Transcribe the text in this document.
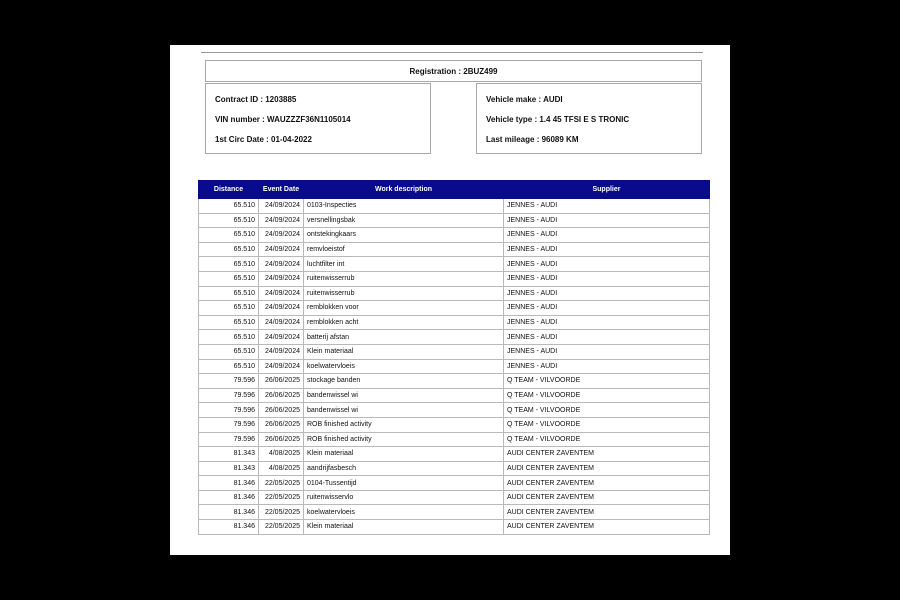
Registration : 2BUZ499
Contract ID : 1203885
VIN number : WAUZZZF36N1105014
1st Circ Date : 01-04-2022
Vehicle make : AUDI
Vehicle type : 1.4 45 TFSI E S TRONIC
Last mileage : 96089 KM
Distance	Event Date	Work description	Supplier
65.510	24/09/2024	0103-Inspecties	JENNES - AUDI
65.510	24/09/2024	versnellingsbak	JENNES - AUDI
65.510	24/09/2024	ontstekingkaars	JENNES - AUDI
65.510	24/09/2024	remvloeistof	JENNES - AUDI
65.510	24/09/2024	luchtfilter int	JENNES - AUDI
65.510	24/09/2024	ruitenwisserrub	JENNES - AUDI
65.510	24/09/2024	ruitenwisserrub	JENNES - AUDI
65.510	24/09/2024	remblokken voor	JENNES - AUDI
65.510	24/09/2024	remblokken acht	JENNES - AUDI
65.510	24/09/2024	batterij afstan	JENNES - AUDI
65.510	24/09/2024	Klein materiaal	JENNES - AUDI
65.510	24/09/2024	koelwatervloeis	JENNES - AUDI
79.596	26/06/2025	stockage banden	Q TEAM - VILVOORDE
79.596	26/06/2025	bandenwissel wi	Q TEAM - VILVOORDE
79.596	26/06/2025	bandenwissel wi	Q TEAM - VILVOORDE
79.596	26/06/2025	ROB finished activity	Q TEAM - VILVOORDE
79.596	26/06/2025	ROB finished activity	Q TEAM - VILVOORDE
81.343	4/08/2025	Klein materiaal	AUDI CENTER ZAVENTEM
81.343	4/08/2025	aandrijfasbesch	AUDI CENTER ZAVENTEM
81.346	22/05/2025	0104-Tussentijd	AUDI CENTER ZAVENTEM
81.346	22/05/2025	ruitenwisservlo	AUDI CENTER ZAVENTEM
81.346	22/05/2025	koelwatervloeis	AUDI CENTER ZAVENTEM
81.346	22/05/2025	Klein materiaal	AUDI CENTER ZAVENTEM
